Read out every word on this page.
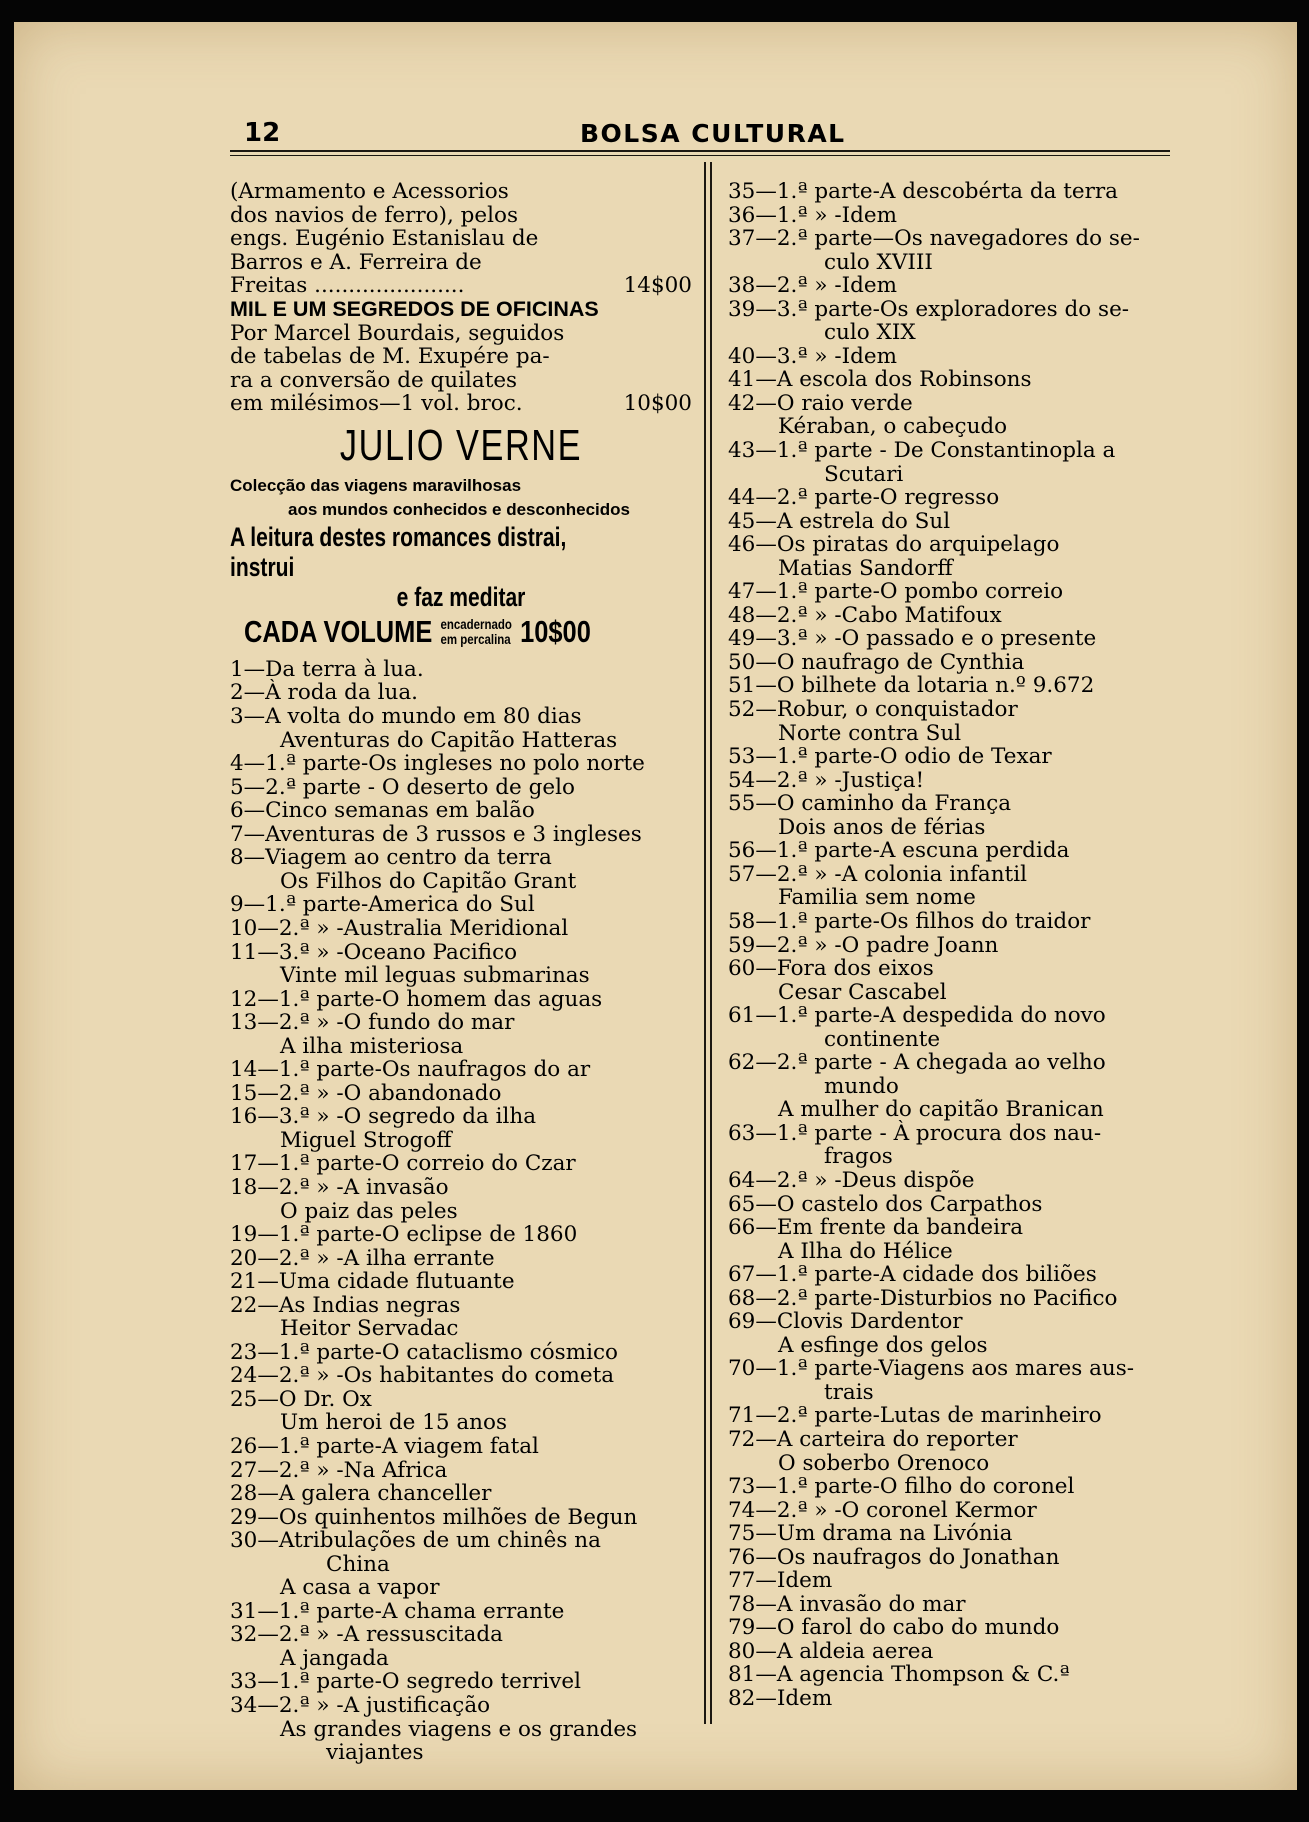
12	BOLSA CULTURAL

(Armamento e Acessorios

dos navios de ferro), pelos

engs. Eugénio Estanislau de

Barros e A. Ferreira de

Freitas ......................	14$00

MIL E UM SEGREDOS DE OFICINAS

Por Marcel Bourdais, seguidos

de tabelas de M. Exupére pa-

ra a conversão de quilates

em milésimos—1 vol. broc.	10$00

JULIO VERNE
Colecção das viagens maravilhosas
aos mundos conhecidos e desconhecidos
A leitura destes romances distrai, instrui
e faz meditar
CADA VOLUME encadernado
em percalina 10$00
1—Da terra à lua.
2—À roda da lua.
3—A volta do mundo em 80 dias
Aventuras do Capitão Hatteras
4—1.ª parte-Os ingleses no polo norte
5—2.ª parte - O deserto de gelo
6—Cinco semanas em balão
7—Aventuras de 3 russos e 3 ingleses
8—Viagem ao centro da terra
Os Filhos do Capitão Grant
9—1.ª parte-America do Sul
10—2.ª » -Australia Meridional
11—3.ª » -Oceano Pacifico
Vinte mil leguas submarinas
12—1.ª parte-O homem das aguas
13—2.ª » -O fundo do mar
A ilha misteriosa
14—1.ª parte-Os naufragos do ar
15—2.ª » -O abandonado
16—3.ª » -O segredo da ilha
Miguel Strogoff
17—1.ª parte-O correio do Czar
18—2.ª » -A invasão
O paiz das peles
19—1.ª parte-O eclipse de 1860
20—2.ª » -A ilha errante
21—Uma cidade flutuante
22—As Indias negras
Heitor Servadac
23—1.ª parte-O cataclismo cósmico
24—2.ª » -Os habitantes do cometa
25—O Dr. Ox
Um heroi de 15 anos
26—1.ª parte-A viagem fatal
27—2.ª » -Na Africa
28—A galera chanceller
29—Os quinhentos milhões de Begun
30—Atribulações de um chinês na
China
A casa a vapor
31—1.ª parte-A chama errante
32—2.ª » -A ressuscitada
A jangada
33—1.ª parte-O segredo terrivel
34—2.ª » -A justificação
As grandes viagens e os grandes
viajantes
35—1.ª parte-A descobérta da terra
36—1.ª » -Idem
37—2.ª parte—Os navegadores do se-
culo XVIII
38—2.ª » -Idem
39—3.ª parte-Os exploradores do se-
culo XIX
40—3.ª » -Idem
41—A escola dos Robinsons
42—O raio verde
Kéraban, o cabeçudo
43—1.ª parte - De Constantinopla a
Scutari
44—2.ª parte-O regresso
45—A estrela do Sul
46—Os piratas do arquipelago
Matias Sandorff
47—1.ª parte-O pombo correio
48—2.ª » -Cabo Matifoux
49—3.ª » -O passado e o presente
50—O naufrago de Cynthia
51—O bilhete da lotaria n.º 9.672
52—Robur, o conquistador
Norte contra Sul
53—1.ª parte-O odio de Texar
54—2.ª » -Justiça!
55—O caminho da França
Dois anos de férias
56—1.ª parte-A escuna perdida
57—2.ª » -A colonia infantil
Familia sem nome
58—1.ª parte-Os filhos do traidor
59—2.ª » -O padre Joann
60—Fora dos eixos
Cesar Cascabel
61—1.ª parte-A despedida do novo
continente
62—2.ª parte - A chegada ao velho
mundo
A mulher do capitão Branican
63—1.ª parte - À procura dos nau-
fragos
64—2.ª » -Deus dispõe
65—O castelo dos Carpathos
66—Em frente da bandeira
A Ilha do Hélice
67—1.ª parte-A cidade dos biliões
68—2.ª parte-Disturbios no Pacifico
69—Clovis Dardentor
A esfinge dos gelos
70—1.ª parte-Viagens aos mares aus-
trais
71—2.ª parte-Lutas de marinheiro
72—A carteira do reporter
O soberbo Orenoco
73—1.ª parte-O filho do coronel
74—2.ª » -O coronel Kermor
75—Um drama na Livónia
76—Os naufragos do Jonathan
77—Idem
78—A invasão do mar
79—O farol do cabo do mundo
80—A aldeia aerea
81—A agencia Thompson & C.ª
82—Idem
